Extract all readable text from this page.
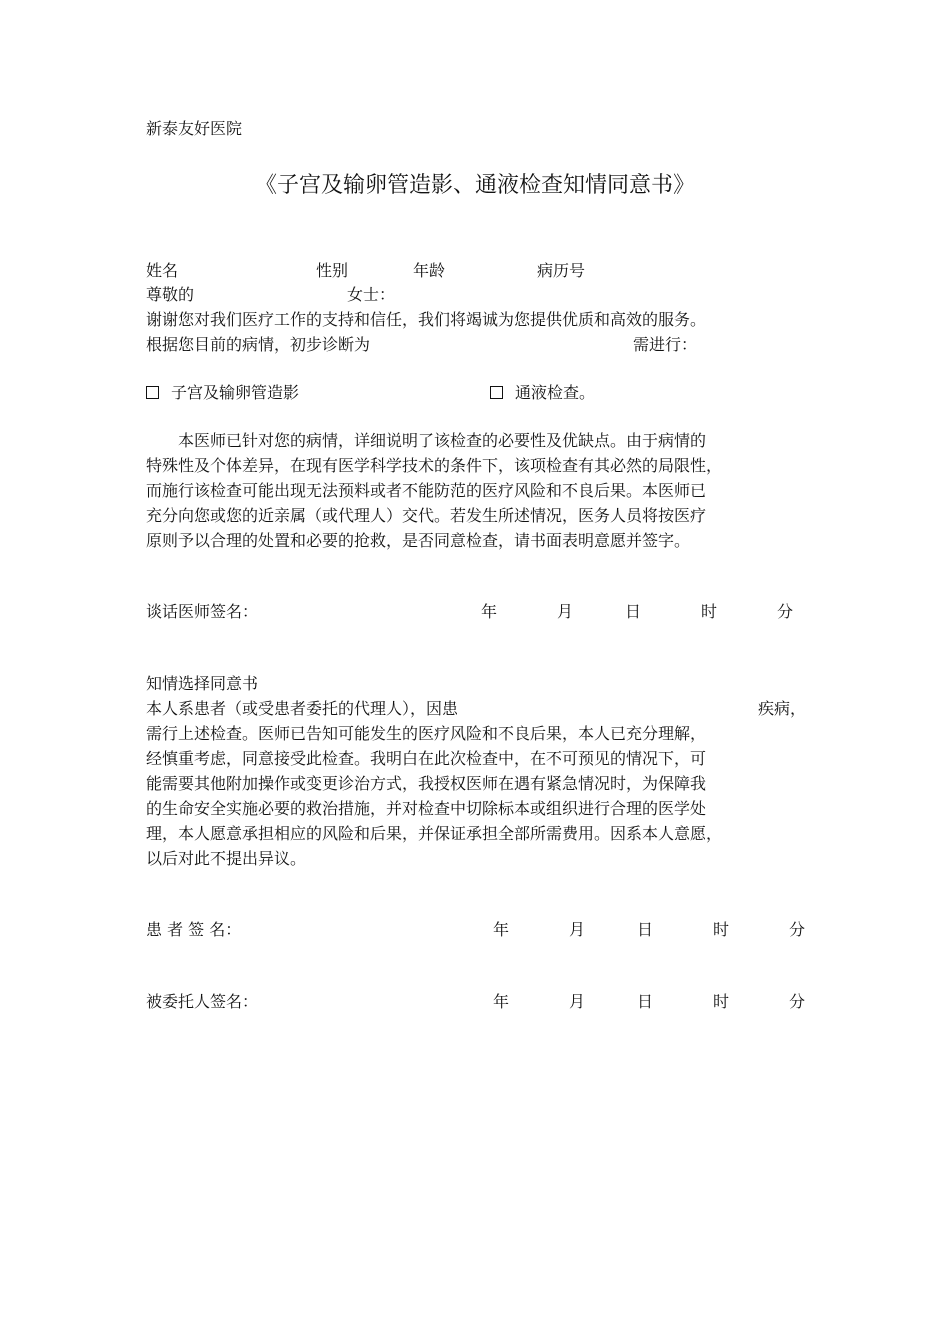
新泰友好医院
《子宫及输卵管造影、通液检查知情同意书》
姓名	性别	年龄	病历号
尊敬的	女士：
谢谢您对我们医疗工作的支持和信任，我们将竭诚为您提供优质和高效的服务。
根据您目前的病情，初步诊断为	需进行：
子宫及输卵管造影	通液检查。
本医师已针对您的病情，详细说明了该检查的必要性及优缺点。由于病情的
特殊性及个体差异，在现有医学科学技术的条件下，该项检查有其必然的局限性，
而施行该检查可能出现无法预料或者不能防范的医疗风险和不良后果。本医师已
充分向您或您的近亲属（或代理人）交代。若发生所述情况，医务人员将按医疗
原则予以合理的处置和必要的抢救，是否同意检查，请书面表明意愿并签字。
谈话医师签名：	年	月	日	时	分
知情选择同意书
本人系患者（或受患者委托的代理人），因患	疾病，
需行上述检查。医师已告知可能发生的医疗风险和不良后果，本人已充分理解，
经慎重考虑，同意接受此检查。我明白在此次检查中，在不可预见的情况下，可
能需要其他附加操作或变更诊治方式，我授权医师在遇有紧急情况时，为保障我
的生命安全实施必要的救治措施，并对检查中切除标本或组织进行合理的医学处
理，本人愿意承担相应的风险和后果，并保证承担全部所需费用。因系本人意愿，
以后对此不提出异议。
患 者 签 名：	年	月	日	时	分
被委托人签名：	年	月	日	时	分
